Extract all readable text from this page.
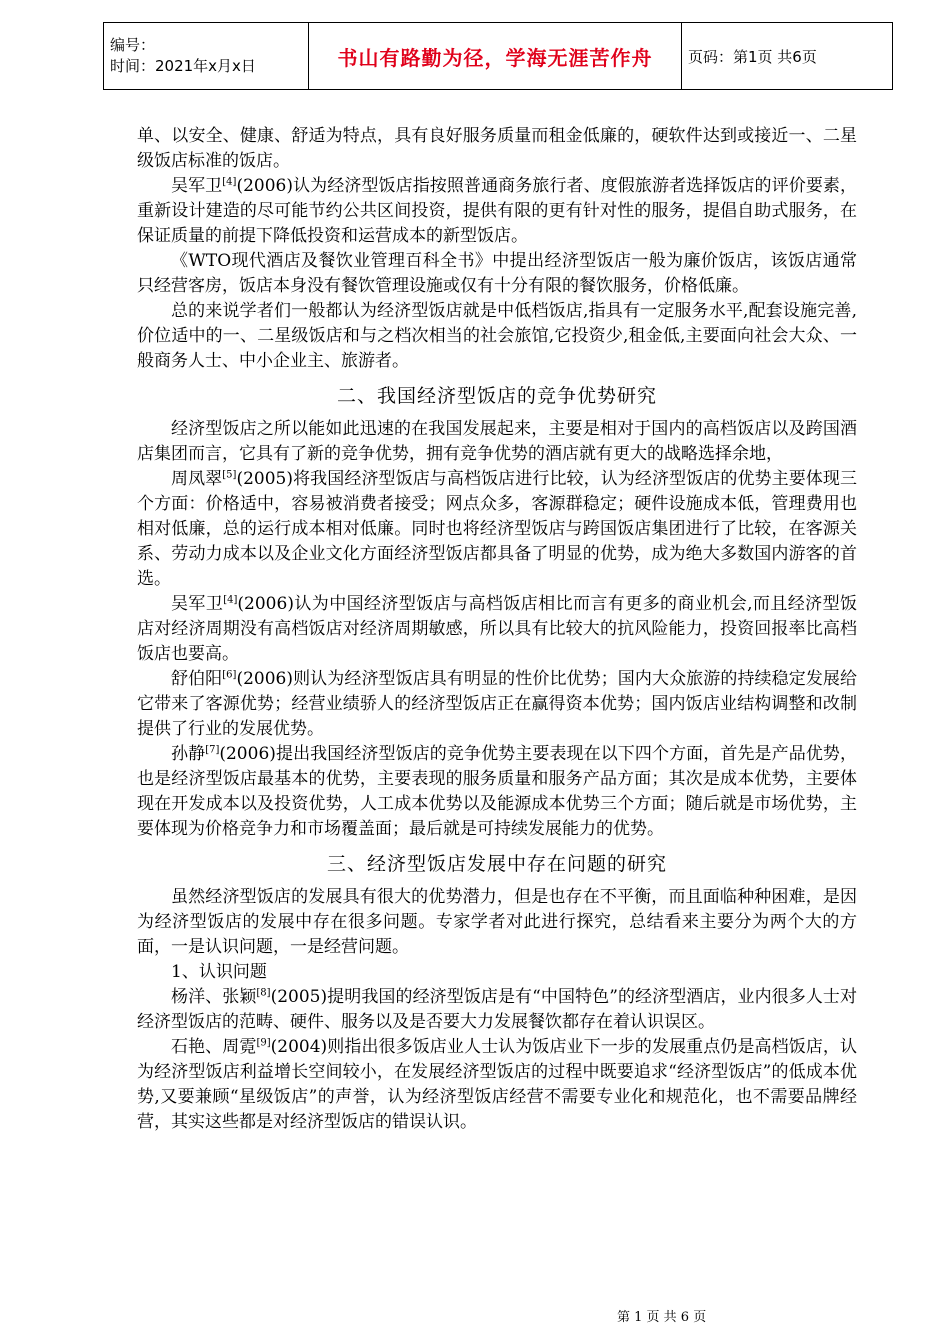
编号：
时间：2021年x月x日	书山有路勤为径，学海无涯苦作舟	页码：第1页 共6页

单、以安全、健康、舒适为特点，具有良好服务质量而租金低廉的，硬软件达到或接近一、二星级饭店标准的饭店。

吴军卫[4](2006)认为经济型饭店指按照普通商务旅行者、度假旅游者选择饭店的评价要素，重新设计建造的尽可能节约公共区间投资，提供有限的更有针对性的服务，提倡自助式服务，在保证质量的前提下降低投资和运营成本的新型饭店。

《WTO现代酒店及餐饮业管理百科全书》中提出经济型饭店一般为廉价饭店，该饭店通常只经营客房，饭店本身没有餐饮管理设施或仅有十分有限的餐饮服务，价格低廉。

总的来说学者们一般都认为经济型饭店就是中低档饭店,指具有一定服务水平,配套设施完善,价位适中的一、二星级饭店和与之档次相当的社会旅馆,它投资少,租金低,主要面向社会大众、一般商务人士、中小企业主、旅游者。

二、我国经济型饭店的竞争优势研究

经济型饭店之所以能如此迅速的在我国发展起来，主要是相对于国内的高档饭店以及跨国酒店集团而言，它具有了新的竞争优势，拥有竞争优势的酒店就有更大的战略选择余地，

周凤翠[5](2005)将我国经济型饭店与高档饭店进行比较，认为经济型饭店的优势主要体现三个方面：价格适中，容易被消费者接受；网点众多，客源群稳定；硬件设施成本低，管理费用也相对低廉，总的运行成本相对低廉。同时也将经济型饭店与跨国饭店集团进行了比较，在客源关系、劳动力成本以及企业文化方面经济型饭店都具备了明显的优势，成为绝大多数国内游客的首选。

吴军卫[4](2006)认为中国经济型饭店与高档饭店相比而言有更多的商业机会,而且经济型饭店对经济周期没有高档饭店对经济周期敏感，所以具有比较大的抗风险能力，投资回报率比高档饭店也要高。

舒伯阳[6](2006)则认为经济型饭店具有明显的性价比优势；国内大众旅游的持续稳定发展给它带来了客源优势；经营业绩骄人的经济型饭店正在赢得资本优势；国内饭店业结构调整和改制提供了行业的发展优势。

孙静[7](2006)提出我国经济型饭店的竞争优势主要表现在以下四个方面，首先是产品优势，也是经济型饭店最基本的优势，主要表现的服务质量和服务产品方面；其次是成本优势，主要体现在开发成本以及投资优势，人工成本优势以及能源成本优势三个方面；随后就是市场优势，主要体现为价格竞争力和市场覆盖面；最后就是可持续发展能力的优势。

三、经济型饭店发展中存在问题的研究

虽然经济型饭店的发展具有很大的优势潜力，但是也存在不平衡，而且面临种种困难，是因为经济型饭店的发展中存在很多问题。专家学者对此进行探究，总结看来主要分为两个大的方面，一是认识问题，一是经营问题。

1、认识问题

杨洋、张颖[8](2005)提明我国的经济型饭店是有“中国特色”的经济型酒店，业内很多人士对经济型饭店的范畴、硬件、服务以及是否要大力发展餐饮都存在着认识误区。

石艳、周霓[9](2004)则指出很多饭店业人士认为饭店业下一步的发展重点仍是高档饭店，认为经济型饭店利益增长空间较小，在发展经济型饭店的过程中既要追求“经济型饭店”的低成本优势,又要兼顾“星级饭店”的声誉，认为经济型饭店经营不需要专业化和规范化，也不需要品牌经营，其实这些都是对经济型饭店的错误认识。

第 1 页 共 6 页
